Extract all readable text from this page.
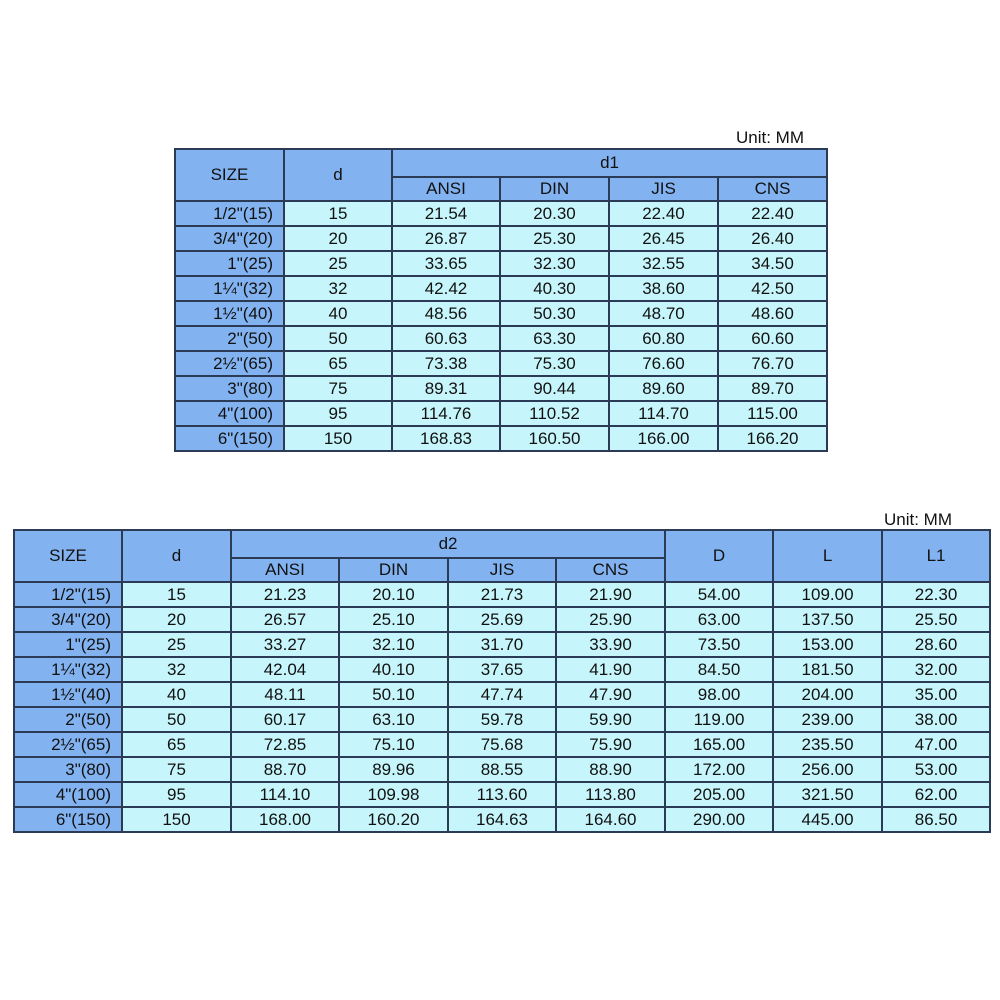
Unit: MM
SIZE	d	d1			
		ANSI	DIN	JIS	CNS
1/2"(15)	15	21.54	20.30	22.40	22.40
3/4"(20)	20	26.87	25.30	26.45	26.40
1"(25)	25	33.65	32.30	32.55	34.50
1¼"(32)	32	42.42	40.30	38.60	42.50
1½"(40)	40	48.56	50.30	48.70	48.60
2"(50)	50	60.63	63.30	60.80	60.60
2½"(65)	65	73.38	75.30	76.60	76.70
3"(80)	75	89.31	90.44	89.60	89.70
4"(100)	95	114.76	110.52	114.70	115.00
6"(150)	150	168.83	160.50	166.00	166.20
Unit: MM
SIZE	d	d2				D	L	L1
		ANSI	DIN	JIS	CNS			
1/2"(15)	15	21.23	20.10	21.73	21.90	54.00	109.00	22.30
3/4"(20)	20	26.57	25.10	25.69	25.90	63.00	137.50	25.50
1"(25)	25	33.27	32.10	31.70	33.90	73.50	153.00	28.60
1¼"(32)	32	42.04	40.10	37.65	41.90	84.50	181.50	32.00
1½"(40)	40	48.11	50.10	47.74	47.90	98.00	204.00	35.00
2"(50)	50	60.17	63.10	59.78	59.90	119.00	239.00	38.00
2½"(65)	65	72.85	75.10	75.68	75.90	165.00	235.50	47.00
3"(80)	75	88.70	89.96	88.55	88.90	172.00	256.00	53.00
4"(100)	95	114.10	109.98	113.60	113.80	205.00	321.50	62.00
6"(150)	150	168.00	160.20	164.63	164.60	290.00	445.00	86.50
